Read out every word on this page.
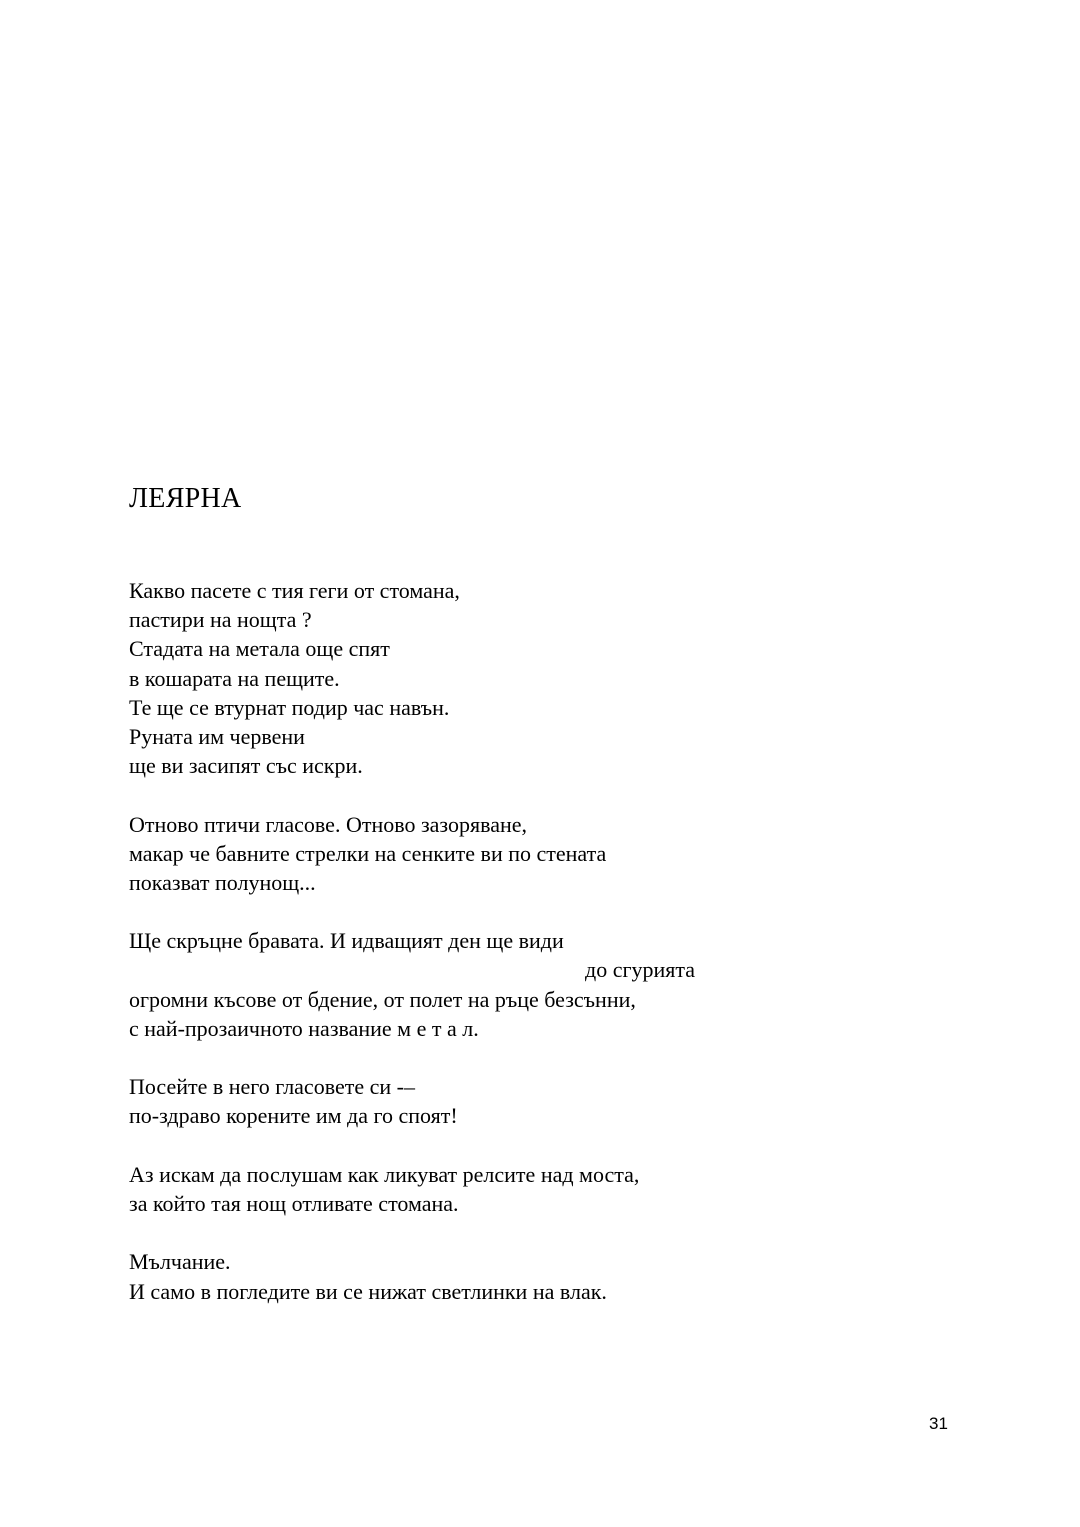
ЛЕЯРНА
Какво пасете с тия геги от стомана,
пастири на нощта ?
Стадата на метала още спят
в кошарата на пещите.
Те ще се втурнат подир час навън.
Руната им червени
ще ви засипят със искри.
Отново птичи гласове. Отново зазоряване,
макар че бавните стрелки на сенките ви по стената
показват полунощ...
Ще скръцне бравата. И идващият ден ще види
до сгурията
огромни късове от бдение, от полет на ръце безсънни,
с най-прозаичното название м е т а л.
Посейте в него гласовете си -–
по-здраво корените им да го споят!
Аз искам да послушам как ликуват релсите над моста,
за който тая нощ отливате стомана.
Мълчание.
И само в погледите ви се нижат светлинки на влак.
31
